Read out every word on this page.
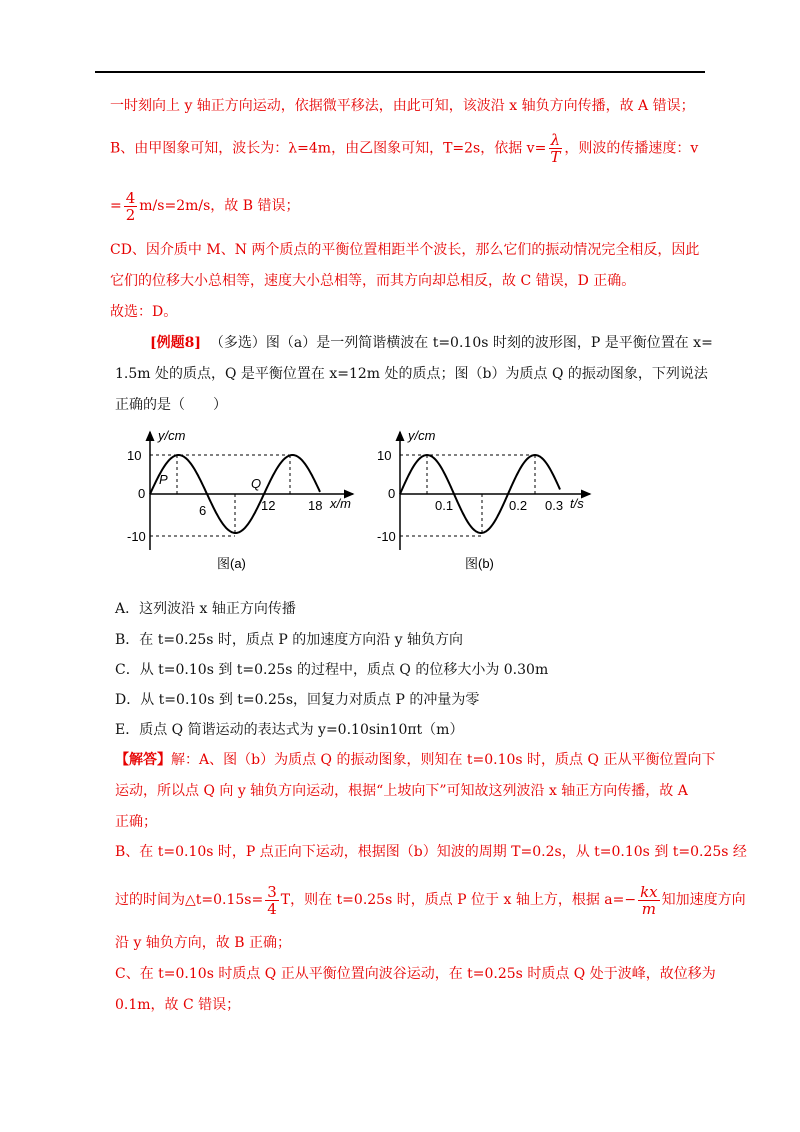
一时刻向上 y 轴正方向运动，依据微平移法，由此可知，该波沿 x 轴负方向传播，故 A 错误；
B、由甲图象可知，波长为：λ=4m，由乙图象可知，T=2s，依据 $v= \frac{\lambda}{T}$ ，则波的传播速度：v
= $\frac{4}{2} m/s=2m/s$，故 B 错误；
CD、因介质中 M、N 两个质点的平衡位置相距半个波长，那么它们的振动情况完全相反，因此
它们的位移大小总相等，速度大小总相等，而其方向却总相反，故 C 错误，D 正确。
故选：D。
[例题8] （多选）图（a）是一列简谐横波在 t=0.10s 时刻的波形图，P 是平衡位置在 x=
1.5m 处的质点，Q 是平衡位置在 x=12m 处的质点；图（b）为质点 Q 的振动图象，下列说法
正确的是（　　）
y/cm
10
-10
0
6	12	18 x/m
P	Q
图(a)
y/cm
10
-10
0
0.1	0.2 0.3 t/s
图(b)
A．这列波沿 x 轴正方向传播
B．在 t=0.25s 时，质点 P 的加速度方向沿 y 轴负方向
C．从 t=0.10s 到 t=0.25s 的过程中，质点 Q 的位移大小为 0.30m
D．从 t=0.10s 到 t=0.25s，回复力对质点 P 的冲量为零
E．质点 Q 简谐运动的表达式为 y=0.10sin10πt（m）
【解答】解：A、图（b）为质点 Q 的振动图象，则知在 t=0.10s 时，质点 Q 正从平衡位置向下
运动，所以点 Q 向 y 轴负方向运动，根据“上坡向下”可知故这列波沿 x 轴正方向传播，故 A
正确；
B、在 t=0.10s 时，P 点正向下运动，根据图（b）知波的周期 T=0.2s，从 t=0.10s 到 t=0.25s 经
过的时间为△t=0.15s= $\frac{3}{4}$ T，则在 t=0.25s 时，质点 P 位于 x 轴上方，根据 $a=- \frac{kx}{m}$ 知加速度方向
沿 y 轴负方向，故 B 正确；
C、在 t=0.10s 时质点 Q 正从平衡位置向波谷运动，在 t=0.25s 时质点 Q 处于波峰，故位移为
0.1m，故 C 错误；
